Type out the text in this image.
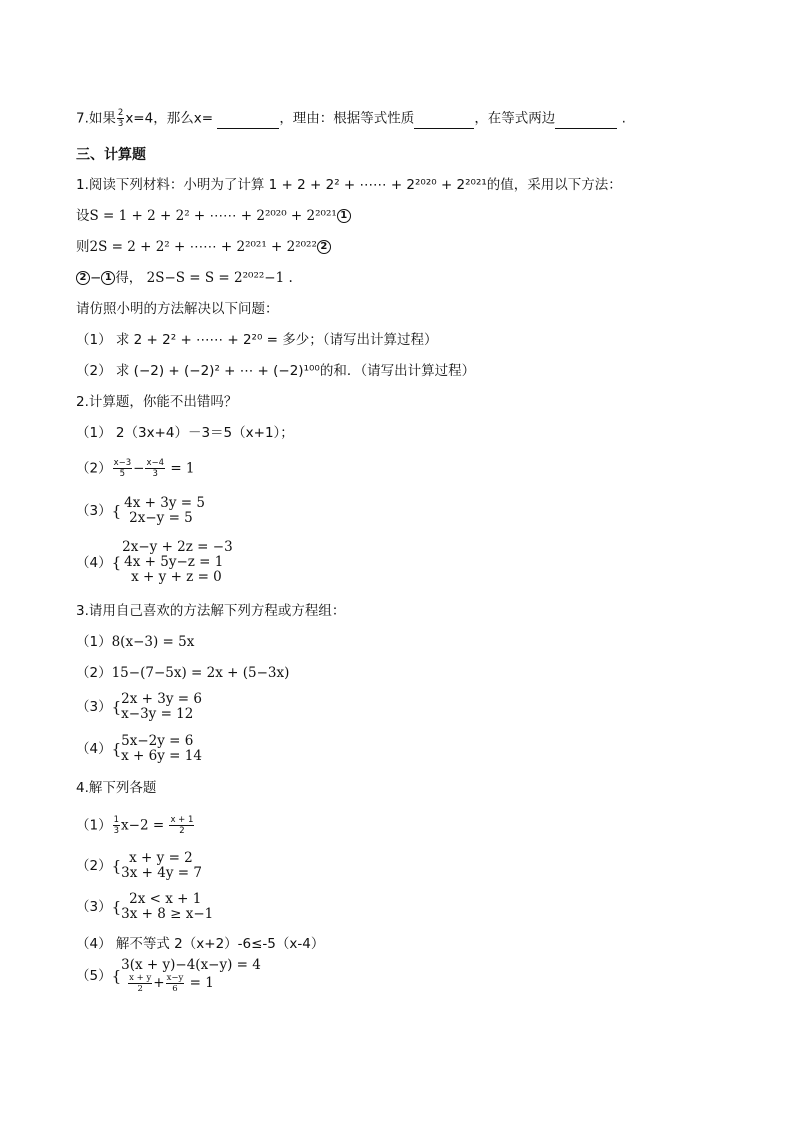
7.如果 $\frac{2}{3} x=4$，那么x=	，理由：根据等式性质	，在等式两边	.
三、计算题
1.阅读下列材料：小明为了计算 1 + 2 + 2² + ⋯⋯ + 2²⁰²⁰ + 2²⁰²¹的值，采用以下方法：
设S = 1 + 2 + 2² + ⋯⋯ + 2²⁰²⁰ + 2²⁰²¹ 1
则2S = 2 + 2² + ⋯⋯ + 2²⁰²¹ + 2²⁰²² 2
2 − 1 得， 2S−S = S = 2²⁰²²−1 .
请仿照小明的方法解决以下问题：
（1） 求 2 + 2² + ⋯⋯ + 2²⁰ = 多少；（请写出计算过程）
（2） 求 (−2) + (−2)² + ⋯ + (−2)¹⁰⁰的和．（请写出计算过程）
2.计算题，你能不出错吗？
（1） 2（3x+4）－3＝5（x+1）；
$(2) \frac{x-3}{5} - \frac{x-4}{3} = 1$
（3）{ 4x + 3y = 5
2x−y = 5
（4）{
2x−y + 2z = −3
4x + 5y−z = 1
x + y + z = 0
3.请用自己喜欢的方法解下列方程或方程组：
（1）8(x−3) = 5x
（2）15−(7−5x) = 2x + (5−3x)
（3）{ 2x + 3y = 6
x−3y = 12
（4）{ 5x−2y = 6
x + 6y = 14
4.解下列各题
$(1) \frac{1}{3} x-2 = \frac{x + 1}{2}$
（2）{ x + y = 2
3x + 4y = 7
（3）{ 2x < x + 1
3x + 8 ≥ x−1
（4） 解不等式 2（x+2）-6≤-5（x-4）
（5）{
3(x + y)−4(x−y) = 4
$\frac{x + y}{2} + \frac{x-y}{6} = 1$
